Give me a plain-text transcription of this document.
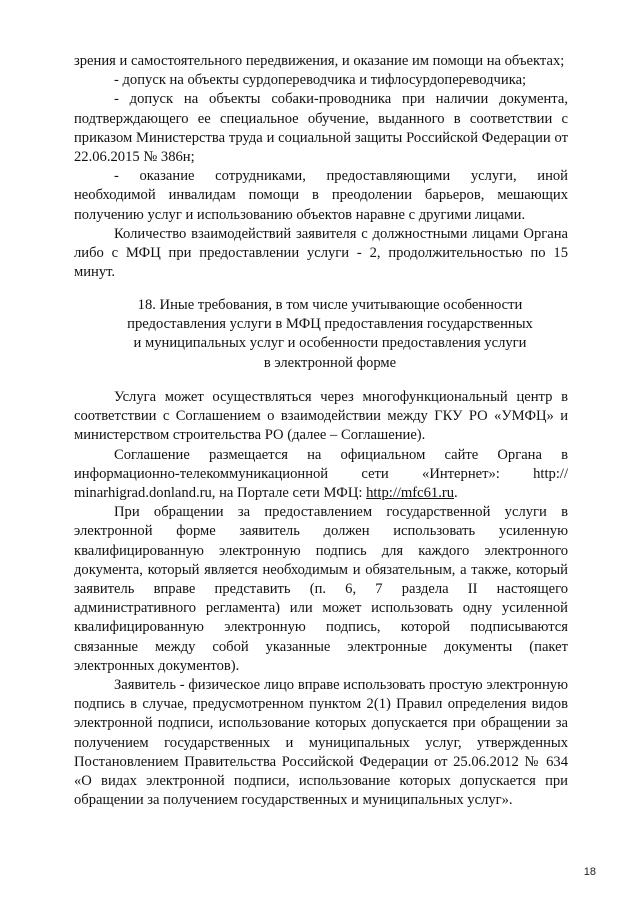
зрения и самостоятельного передвижения, и оказание им помощи на объектах;

- допуск на объекты сурдопереводчика и тифлосурдопереводчика;

- допуск на объекты собаки-проводника при наличии документа, подтверждающего ее специальное обучение, выданного в соответствии с приказом Министерства труда и социальной защиты Российской Федерации от 22.06.2015 № 386н;

- оказание сотрудниками, предоставляющими услуги, иной необходимой инвалидам помощи в преодолении барьеров, мешающих получению услуг и использованию объектов наравне с другими лицами.

Количество взаимодействий заявителя с должностными лицами Органа либо с МФЦ при предоставлении услуги - 2, продолжительностью по 15 минут.

18. Иные требования, в том числе учитывающие особенности
предоставления услуги в МФЦ предоставления государственных
и муниципальных услуг и особенности предоставления услуги
в электронной форме

Услуга может осуществляться через многофункциональный центр в соответствии с Соглашением о взаимодействии между ГКУ РО «УМФЦ» и министерством строительства РО (далее – Соглашение).

Соглашение размещается на официальном сайте Органа в информационно-телекоммуникационной сети «Интернет»: http:// minarhigrad.donland.ru, на Портале сети МФЦ: http://mfc61.ru.

При обращении за предоставлением государственной услуги в электронной форме заявитель должен использовать усиленную квалифицированную электронную подпись для каждого электронного документа, который является необходимым и обязательным, а также, который заявитель вправе представить (п. 6, 7 раздела II настоящего административного регламента) или может использовать одну усиленной квалифицированную электронную подпись, которой подписываются связанные между собой указанные электронные документы (пакет электронных документов).

Заявитель - физическое лицо вправе использовать простую электронную подпись в случае, предусмотренном пунктом 2(1) Правил определения видов электронной подписи, использование которых допускается при обращении за получением государственных и муниципальных услуг, утвержденных Постановлением Правительства Российской Федерации от 25.06.2012 № 634 «О видах электронной подписи, использование которых допускается при обращении за получением государственных и муниципальных услуг».

18
